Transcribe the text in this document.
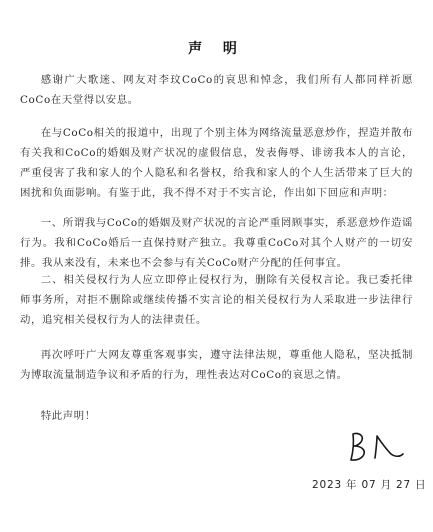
声 明

感谢广大歌迷、网友对李玟CoCo的哀思和悼念，我们所有人都同样祈愿CoCo在天堂得以安息。

在与CoCo相关的报道中，出现了个别主体为网络流量恶意炒作，捏造并散布有关我和CoCo的婚姻及财产状况的虚假信息，发表侮辱、诽谤我本人的言论，严重侵害了我和家人的个人隐私和名誉权，给我和家人的个人生活带来了巨大的困扰和负面影响。有鉴于此，我不得不对于不实言论，作出如下回应和声明：

一、所谓我与CoCo的婚姻及财产状况的言论严重罔顾事实，系恶意炒作造谣行为。我和CoCo婚后一直保持财产独立。我尊重CoCo对其个人财产的一切安排。我从来没有，未来也不会参与有关CoCo财产分配的任何事宜。

二、相关侵权行为人应立即停止侵权行为，删除有关侵权言论。我已委托律师事务所，对拒不删除或继续传播不实言论的相关侵权行为人采取进一步法律行动，追究相关侵权行为人的法律责任。

再次呼吁广大网友尊重客观事实，遵守法律法规，尊重他人隐私，坚决抵制为博取流量制造争议和矛盾的行为，理性表达对CoCo的哀思之情。

特此声明！
2023 年 07 月 27 日
